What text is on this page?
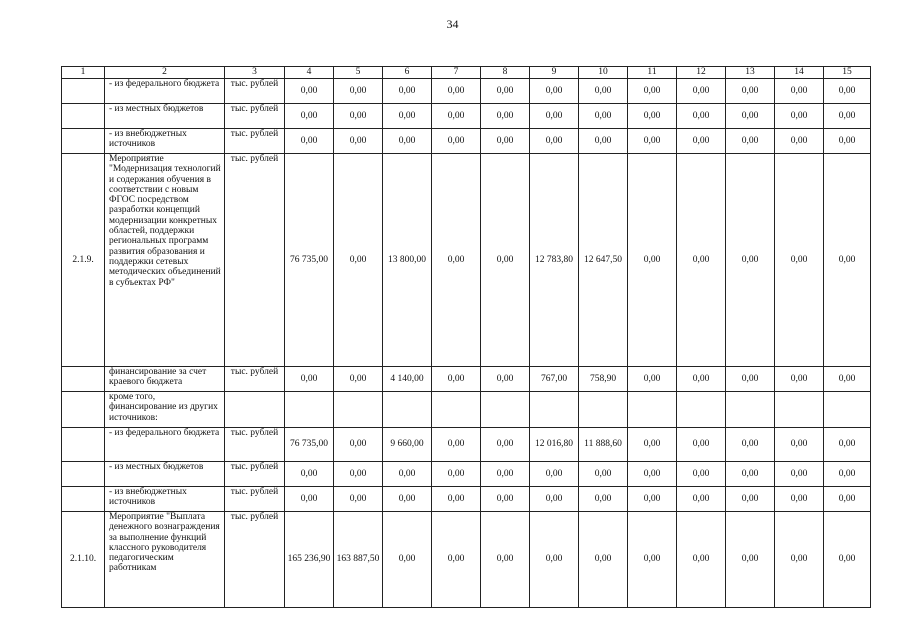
34
1	2	3	4	5	6	7	8	9	10	11	12	13	14	15
	- из федерального бюджета	тыс. рублей	0,00	0,00	0,00	0,00	0,00	0,00	0,00	0,00	0,00	0,00	0,00	0,00
	- из местных бюджетов	тыс. рублей	0,00	0,00	0,00	0,00	0,00	0,00	0,00	0,00	0,00	0,00	0,00	0,00
	- из внебюджетных источников	тыс. рублей	0,00	0,00	0,00	0,00	0,00	0,00	0,00	0,00	0,00	0,00	0,00	0,00
2.1.9.	Мероприятие "Модернизация технологий и содержания обучения в соответствии с новым ФГОС посредством разработки концепций модернизации конкретных областей, поддержки региональных программ развития образования и поддержки сетевых методических объединений в субъектах РФ"	тыс. рублей	76 735,00	0,00	13 800,00	0,00	0,00	12 783,80	12 647,50	0,00	0,00	0,00	0,00	0,00
	финансирование за счет краевого бюджета	тыс. рублей	0,00	0,00	4 140,00	0,00	0,00	767,00	758,90	0,00	0,00	0,00	0,00	0,00
	кроме того, финансирование из других источников:													
	- из федерального бюджета	тыс. рублей	76 735,00	0,00	9 660,00	0,00	0,00	12 016,80	11 888,60	0,00	0,00	0,00	0,00	0,00
	- из местных бюджетов	тыс. рублей	0,00	0,00	0,00	0,00	0,00	0,00	0,00	0,00	0,00	0,00	0,00	0,00
	- из внебюджетных источников	тыс. рублей	0,00	0,00	0,00	0,00	0,00	0,00	0,00	0,00	0,00	0,00	0,00	0,00
2.1.10.	Мероприятие "Выплата денежного вознаграждения за выполнение функций классного руководителя педагогическим работникам	тыс. рублей	165 236,90	163 887,50	0,00	0,00	0,00	0,00	0,00	0,00	0,00	0,00	0,00	0,00
